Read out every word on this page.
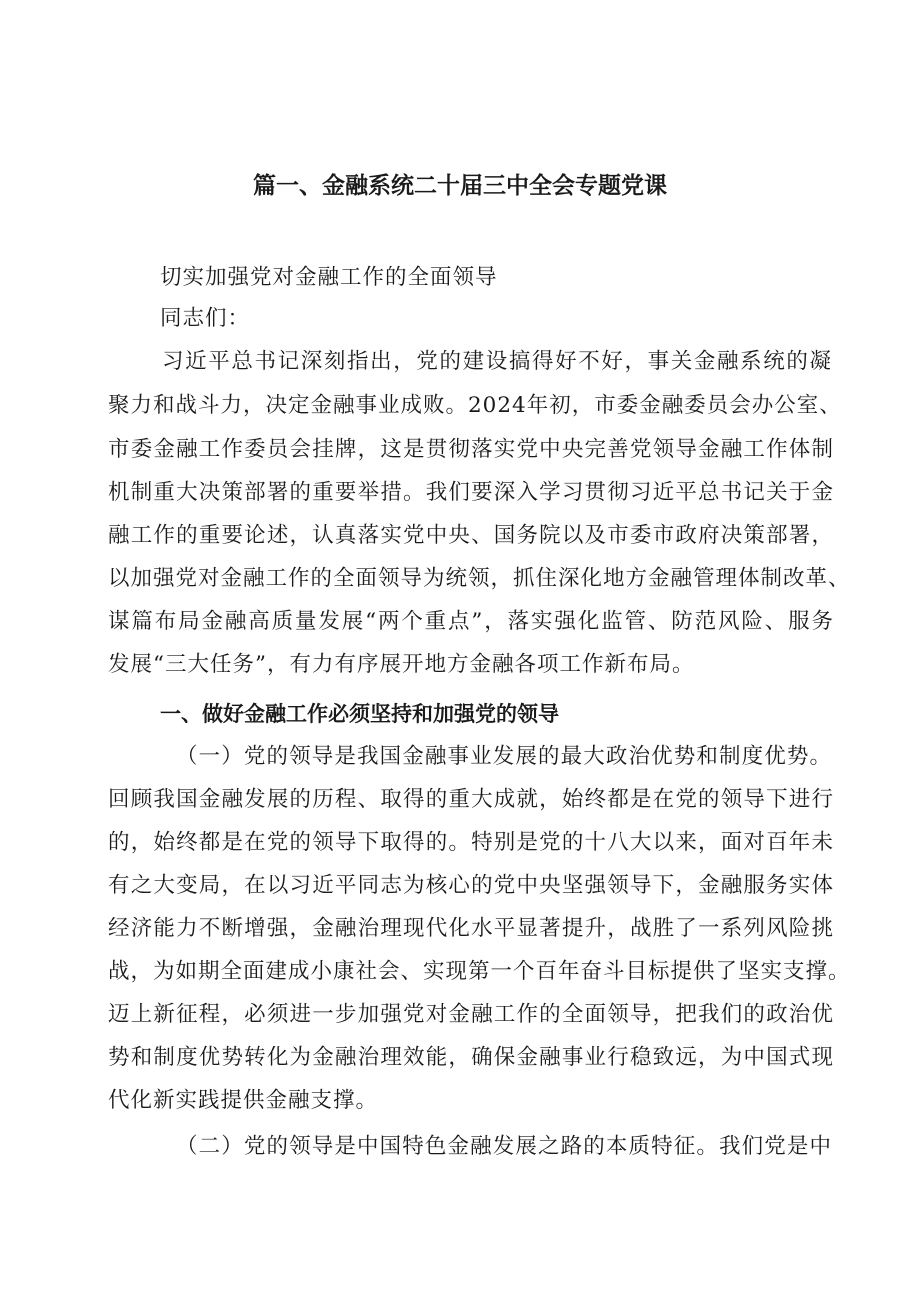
篇一、金融系统二十届三中全会专题党课
切实加强党对金融工作的全面领导
同志们：
习近平总书记深刻指出，党的建设搞得好不好，事关金融系统的凝
聚力和战斗力，决定金融事业成败。2024年初，市委金融委员会办公室、
市委金融工作委员会挂牌，这是贯彻落实党中央完善党领导金融工作体制
机制重大决策部署的重要举措。我们要深入学习贯彻习近平总书记关于金
融工作的重要论述，认真落实党中央、国务院以及市委市政府决策部署，
以加强党对金融工作的全面领导为统领，抓住深化地方金融管理体制改革、
谋篇布局金融高质量发展“两个重点”，落实强化监管、防范风险、服务
发展“三大任务”，有力有序展开地方金融各项工作新布局。
一、做好金融工作必须坚持和加强党的领导
（一）党的领导是我国金融事业发展的最大政治优势和制度优势。
回顾我国金融发展的历程、取得的重大成就，始终都是在党的领导下进行
的，始终都是在党的领导下取得的。特别是党的十八大以来，面对百年未
有之大变局，在以习近平同志为核心的党中央坚强领导下，金融服务实体
经济能力不断增强，金融治理现代化水平显著提升，战胜了一系列风险挑
战，为如期全面建成小康社会、实现第一个百年奋斗目标提供了坚实支撑。
迈上新征程，必须进一步加强党对金融工作的全面领导，把我们的政治优
势和制度优势转化为金融治理效能，确保金融事业行稳致远，为中国式现
代化新实践提供金融支撑。
（二）党的领导是中国特色金融发展之路的本质特征。我们党是中
